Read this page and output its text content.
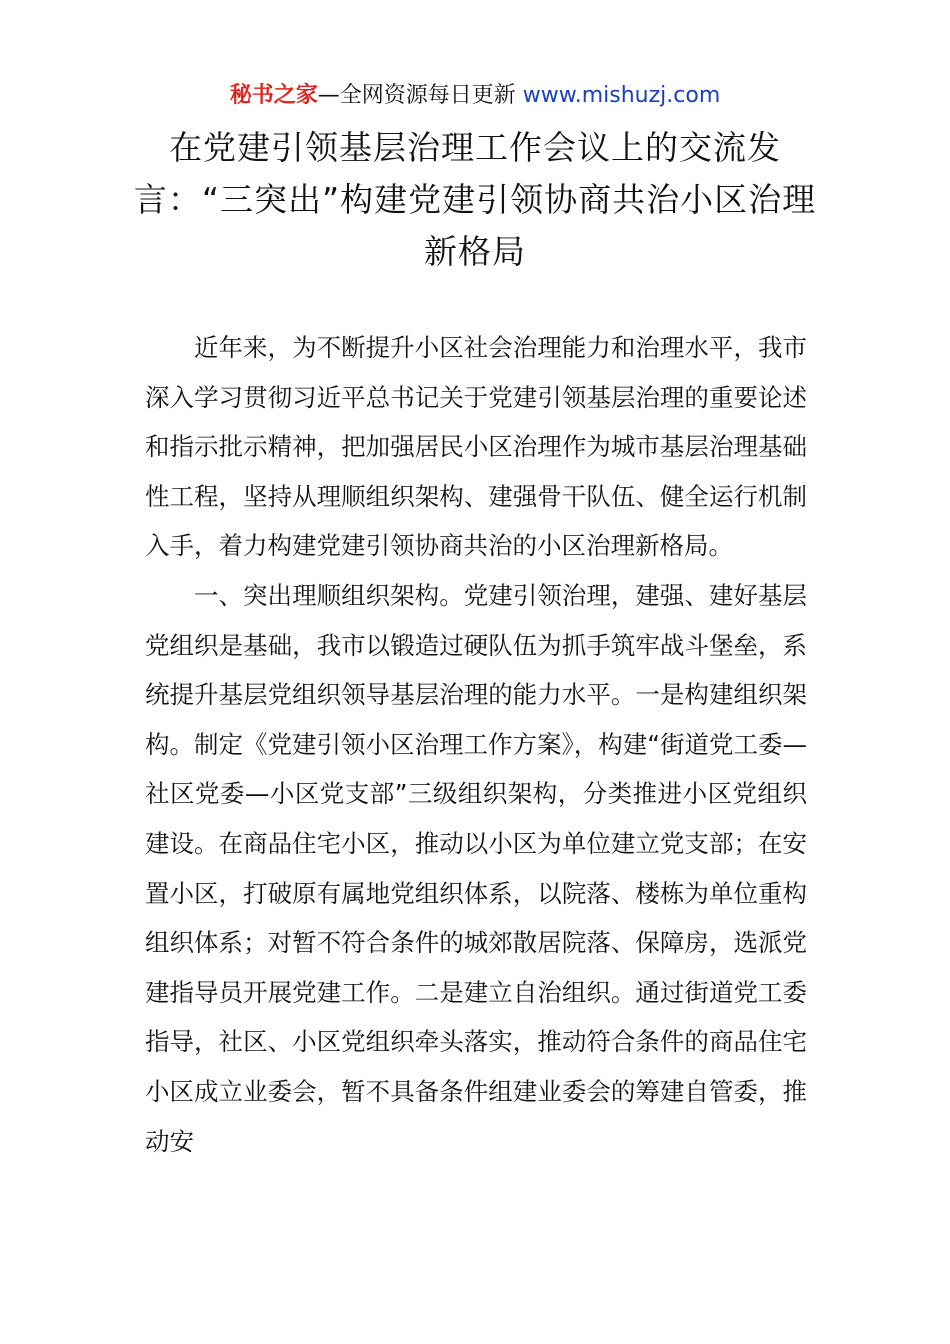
秘书之家—全网资源每日更新 www.mishuzj.com
在党建引领基层治理工作会议上的交流发言：“三突出”构建党建引领协商共治小区治理新格局

近年来，为不断提升小区社会治理能力和治理水平，我市深入学习贯彻习近平总书记关于党建引领基层治理的重要论述和指示批示精神，把加强居民小区治理作为城市基层治理基础性工程，坚持从理顺组织架构、建强骨干队伍、健全运行机制入手，着力构建党建引领协商共治的小区治理新格局。

一、突出理顺组织架构。党建引领治理，建强、建好基层党组织是基础，我市以锻造过硬队伍为抓手筑牢战斗堡垒，系统提升基层党组织领导基层治理的能力水平。一是构建组织架构。制定《党建引领小区治理工作方案》，构建“街道党工委—社区党委—小区党支部”三级组织架构，分类推进小区党组织建设。在商品住宅小区，推动以小区为单位建立党支部；在安置小区，打破原有属地党组织体系，以院落、楼栋为单位重构组织体系；对暂不符合条件的城郊散居院落、保障房，选派党建指导员开展党建工作。二是建立自治组织。通过街道党工委指导，社区、小区党组织牵头落实，推动符合条件的商品住宅小区成立业委会，暂不具备条件组建业委会的筹建自管委，推动安
